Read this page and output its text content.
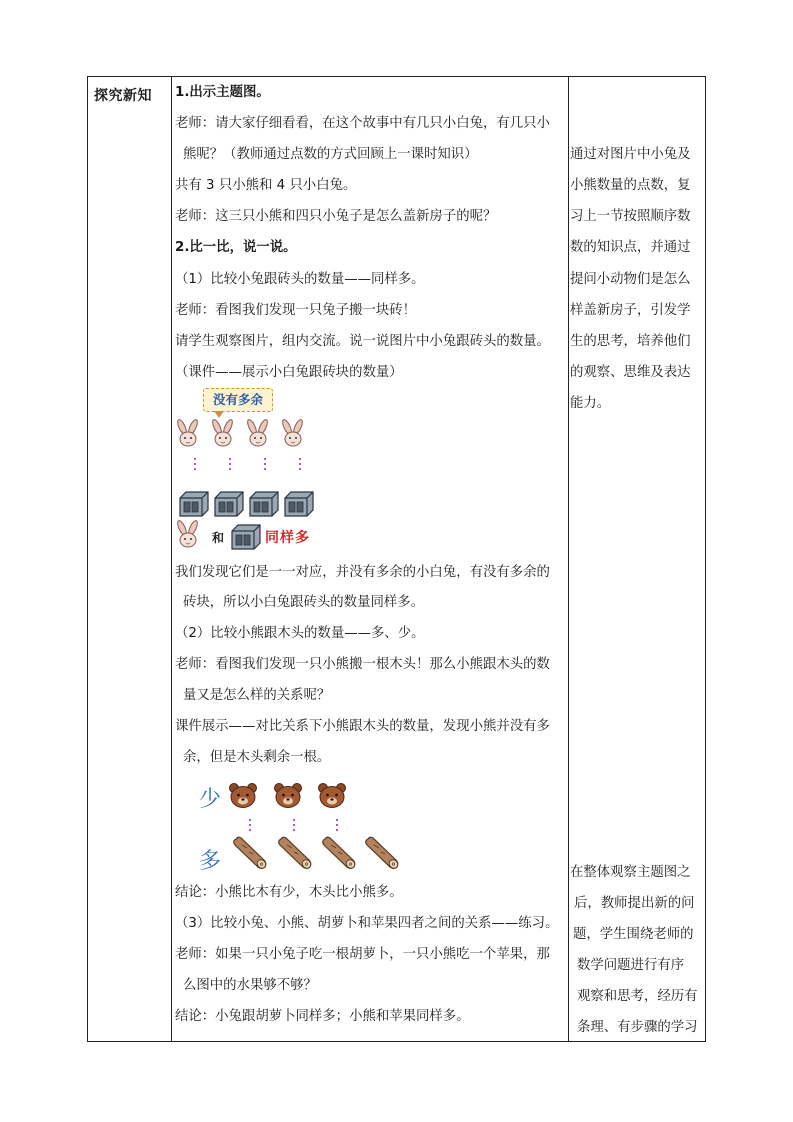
探究新知 1.出示主题图。
老师：请大家仔细看看，在这个故事中有几只小白兔，有几只小
熊呢？（教师通过点数的方式回顾上一课时知识）
共有 3 只小熊和 4 只小白兔。
老师：这三只小熊和四只小兔子是怎么盖新房子的呢？
2.比一比，说一说。
（1）比较小兔跟砖头的数量——同样多。
老师：看图我们发现一只兔子搬一块砖！
请学生观察图片，组内交流。说一说图片中小兔跟砖头的数量。
（课件——展示小白兔跟砖块的数量）
没有多余
和	同样多
我们发现它们是一一对应，并没有多余的小白兔，有没有多余的
砖块，所以小白兔跟砖头的数量同样多。
（2）比较小熊跟木头的数量——多、少。
老师：看图我们发现一只小熊搬一根木头！那么小熊跟木头的数
量又是怎么样的关系呢？
课件展示——对比关系下小熊跟木头的数量，发现小熊并没有多
余，但是木头剩余一根。
少
多
结论：小熊比木有少，木头比小熊多。
（3）比较小兔、小熊、胡萝卜和苹果四者之间的关系——练习。
老师：如果一只小兔子吃一根胡萝卜，一只小熊吃一个苹果，那
么图中的水果够不够？
结论：小兔跟胡萝卜同样多；小熊和苹果同样多。
通过对图片中小兔及
小熊数量的点数，复
习上一节按照顺序数
数的知识点，并通过
提问小动物们是怎么
样盖新房子，引发学
生的思考，培养他们
的观察、思维及表达
能力。
在整体观察主题图之
后，教师提出新的问
题，学生围绕老师的
数学问题进行有序
观察和思考，经历有
条理、有步骤的学习
